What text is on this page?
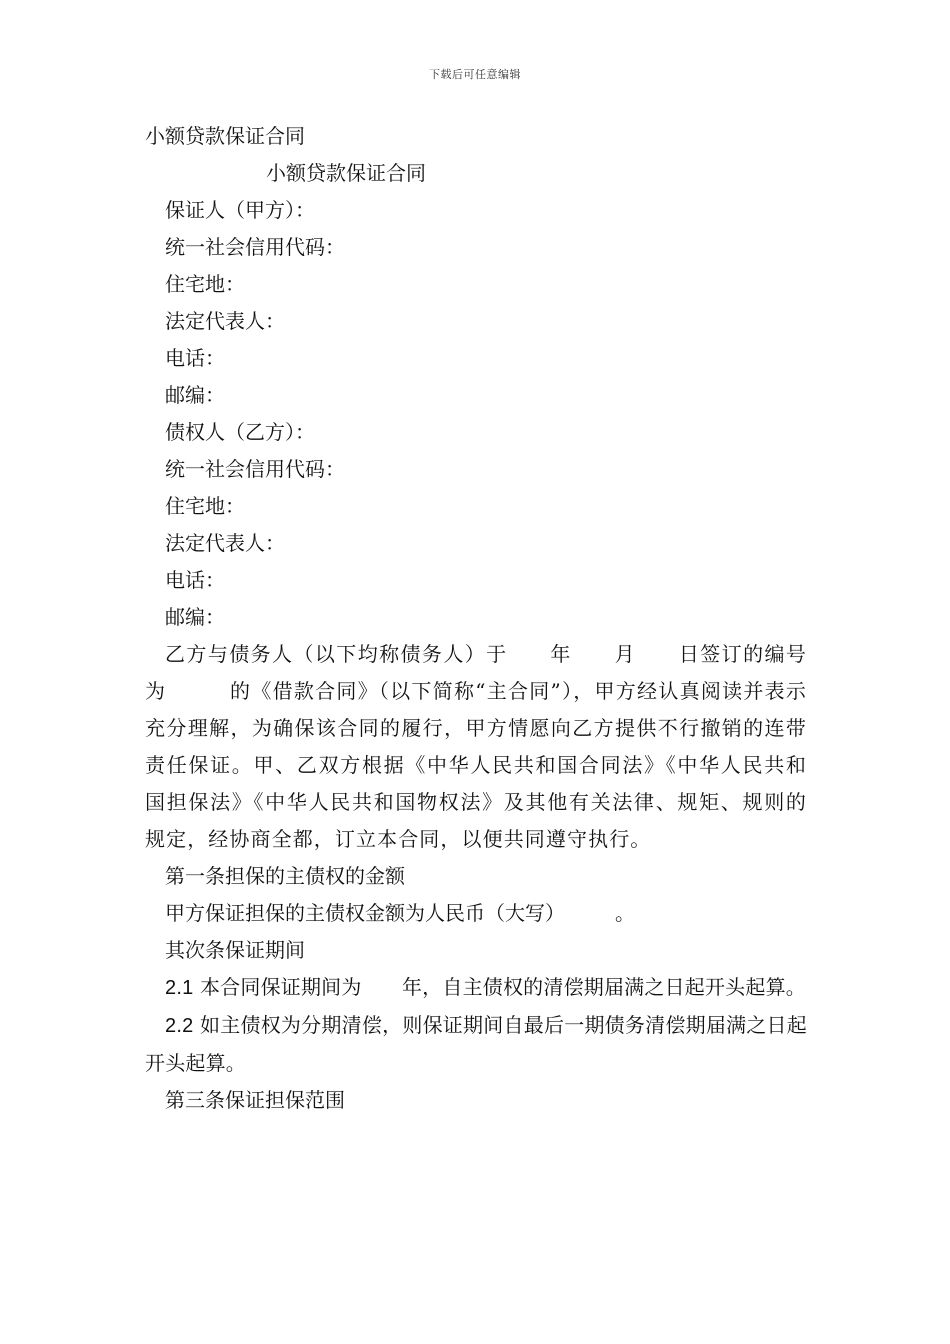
下载后可任意编辑
小额贷款保证合同
小额贷款保证合同
保证人（甲方）：
统一社会信用代码：
住宅地：
法定代表人：
电话：
邮编：
债权人（乙方）：
统一社会信用代码：
住宅地：
法定代表人：
电话：
邮编：
乙方与债务人（以下均称债务人）于　　年　　月　　日签订的编号为　　　的《借款合同》（以下简称“主合同”），甲方经认真阅读并表示充分理解，为确保该合同的履行，甲方情愿向乙方提供不行撤销的连带责任保证。甲、乙双方根据《中华人民共和国合同法》《中华人民共和国担保法》《中华人民共和国物权法》及其他有关法律、规矩、规则的规定，经协商全都，订立本合同，以便共同遵守执行。
第一条担保的主债权的金额
甲方保证担保的主债权金额为人民币（大写）　　　。
其次条保证期间
2.1 本合同保证期间为　　年，自主债权的清偿期届满之日起开头起算。
2.2 如主债权为分期清偿，则保证期间自最后一期债务清偿期届满之日起开头起算。
第三条保证担保范围
